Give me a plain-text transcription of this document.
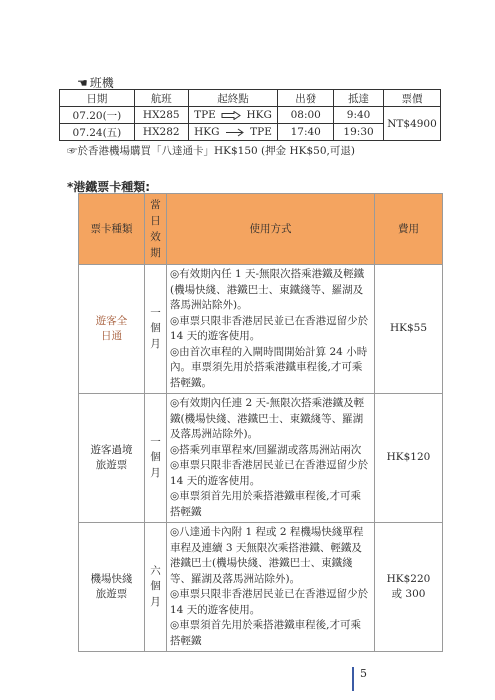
☚ 班機
日期	航班	起終點	出發	抵達	票價
07.20(一)	HX285	TPE HKG	08:00	9:40	NT$4900
07.24(五)	HX282	HKG TPE	17:40	19:30	
☞於香港機場購買「八達通卡」HK$150 (押金 HK$50,可退)
*港鐵票卡種類:
票卡種類	當日效期	使用方式	費用
遊客全日通	一個月	◎有效期內任 1 天-無限次搭乘港鐵及輕鐵(機場快綫、港鐵巴士、東鐵綫等、羅湖及落馬洲站除外)。

◎車票只限非香港居民並已在香港逗留少於 14 天的遊客使用。

◎由首次車程的入閘時間開始計算 24 小時內。車票須先用於搭乘港鐵車程後,才可乘搭輕鐵。	HK$55
遊客過境旅遊票	一個月	◎有效期內任連 2 天-無限次搭乘港鐵及輕鐵(機場快綫、港鐵巴士、東鐵綫等、羅湖及落馬洲站除外)。

◎搭乘列車單程來/回羅湖或落馬洲站兩次

◎車票只限非香港居民並已在香港逗留少於 14 天的遊客使用。

◎車票須首先用於乘搭港鐵車程後,才可乘搭輕鐵	HK$120
機場快綫旅遊票	六個月	◎八達通卡內附 1 程或 2 程機場快綫單程車程及連續 3 天無限次乘搭港鐵、輕鐵及港鐵巴士(機場快綫、港鐵巴士、東鐵綫等、羅湖及落馬洲站除外)。

◎車票只限非香港居民並已在香港逗留少於 14 天的遊客使用。

◎車票須首先用於乘搭港鐵車程後,才可乘搭輕鐵	HK$220 或 300
5
